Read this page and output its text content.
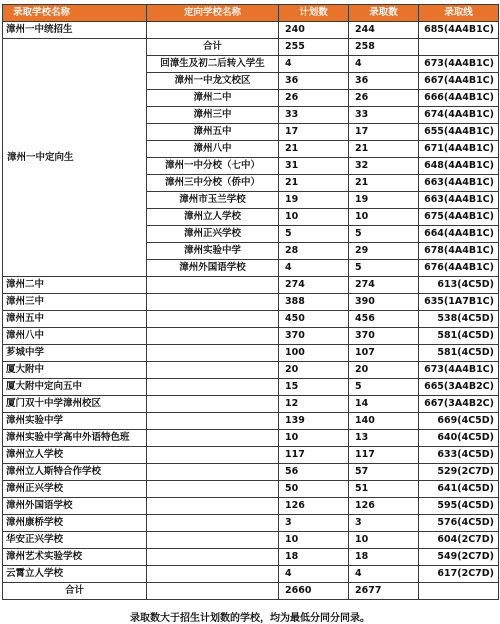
录取学校名称	定向学校名称	计划数	录取数	录取线
漳州一中统招生		240	244	685(4A4B1C)
漳州一中定向生	合计	255	258	
	回漳生及初二后转入学生	4	4	673(4A4B1C)
	漳州一中龙文校区	36	36	667(4A4B1C)
	漳州二中	26	26	666(4A4B1C)
	漳州三中	33	33	674(4A4B1C)
	漳州五中	17	17	655(4A4B1C)
	漳州八中	21	21	671(4A4B1C)
	漳州一中分校（七中）	31	32	648(4A4B1C)
	漳州三中分校（侨中）	21	21	663(4A4B1C)
	漳州市玉兰学校	19	19	663(4A4B1C)
	漳州立人学校	10	10	675(4A4B1C)
	漳州正兴学校	5	5	664(4A4B1C)
	漳州实验中学	28	29	678(4A4B1C)
	漳州外国语学校	4	5	676(4A4B1C)
漳州二中		274	274	613(4C5D)
漳州三中		388	390	635(1A7B1C)
漳州五中		450	456	538(4C5D)
漳州八中		370	370	581(4C5D)
芗城中学		100	107	581(4C5D)
厦大附中		20	20	673(4A4B1C)
厦大附中定向五中		15	5	665(3A4B2C)
厦门双十中学漳州校区		12	14	667(3A4B2C)
漳州实验中学		139	140	669(4C5D)
漳州实验中学高中外语特色班		10	13	640(4C5D)
漳州立人学校		117	117	633(4C5D)
漳州立人斯特合作学校		56	57	529(2C7D)
漳州正兴学校		50	51	641(4C5D)
漳州外国语学校		126	126	595(4C5D)
漳州康桥学校		3	3	576(4C5D)
华安正兴学校		10	10	604(2C7D)
漳州艺术实验学校		18	18	549(2C7D)
云霄立人学校		4	4	617(2C7D)
合计		2660	2677	
录取数大于招生计划数的学校，均为最低分同分同录。
